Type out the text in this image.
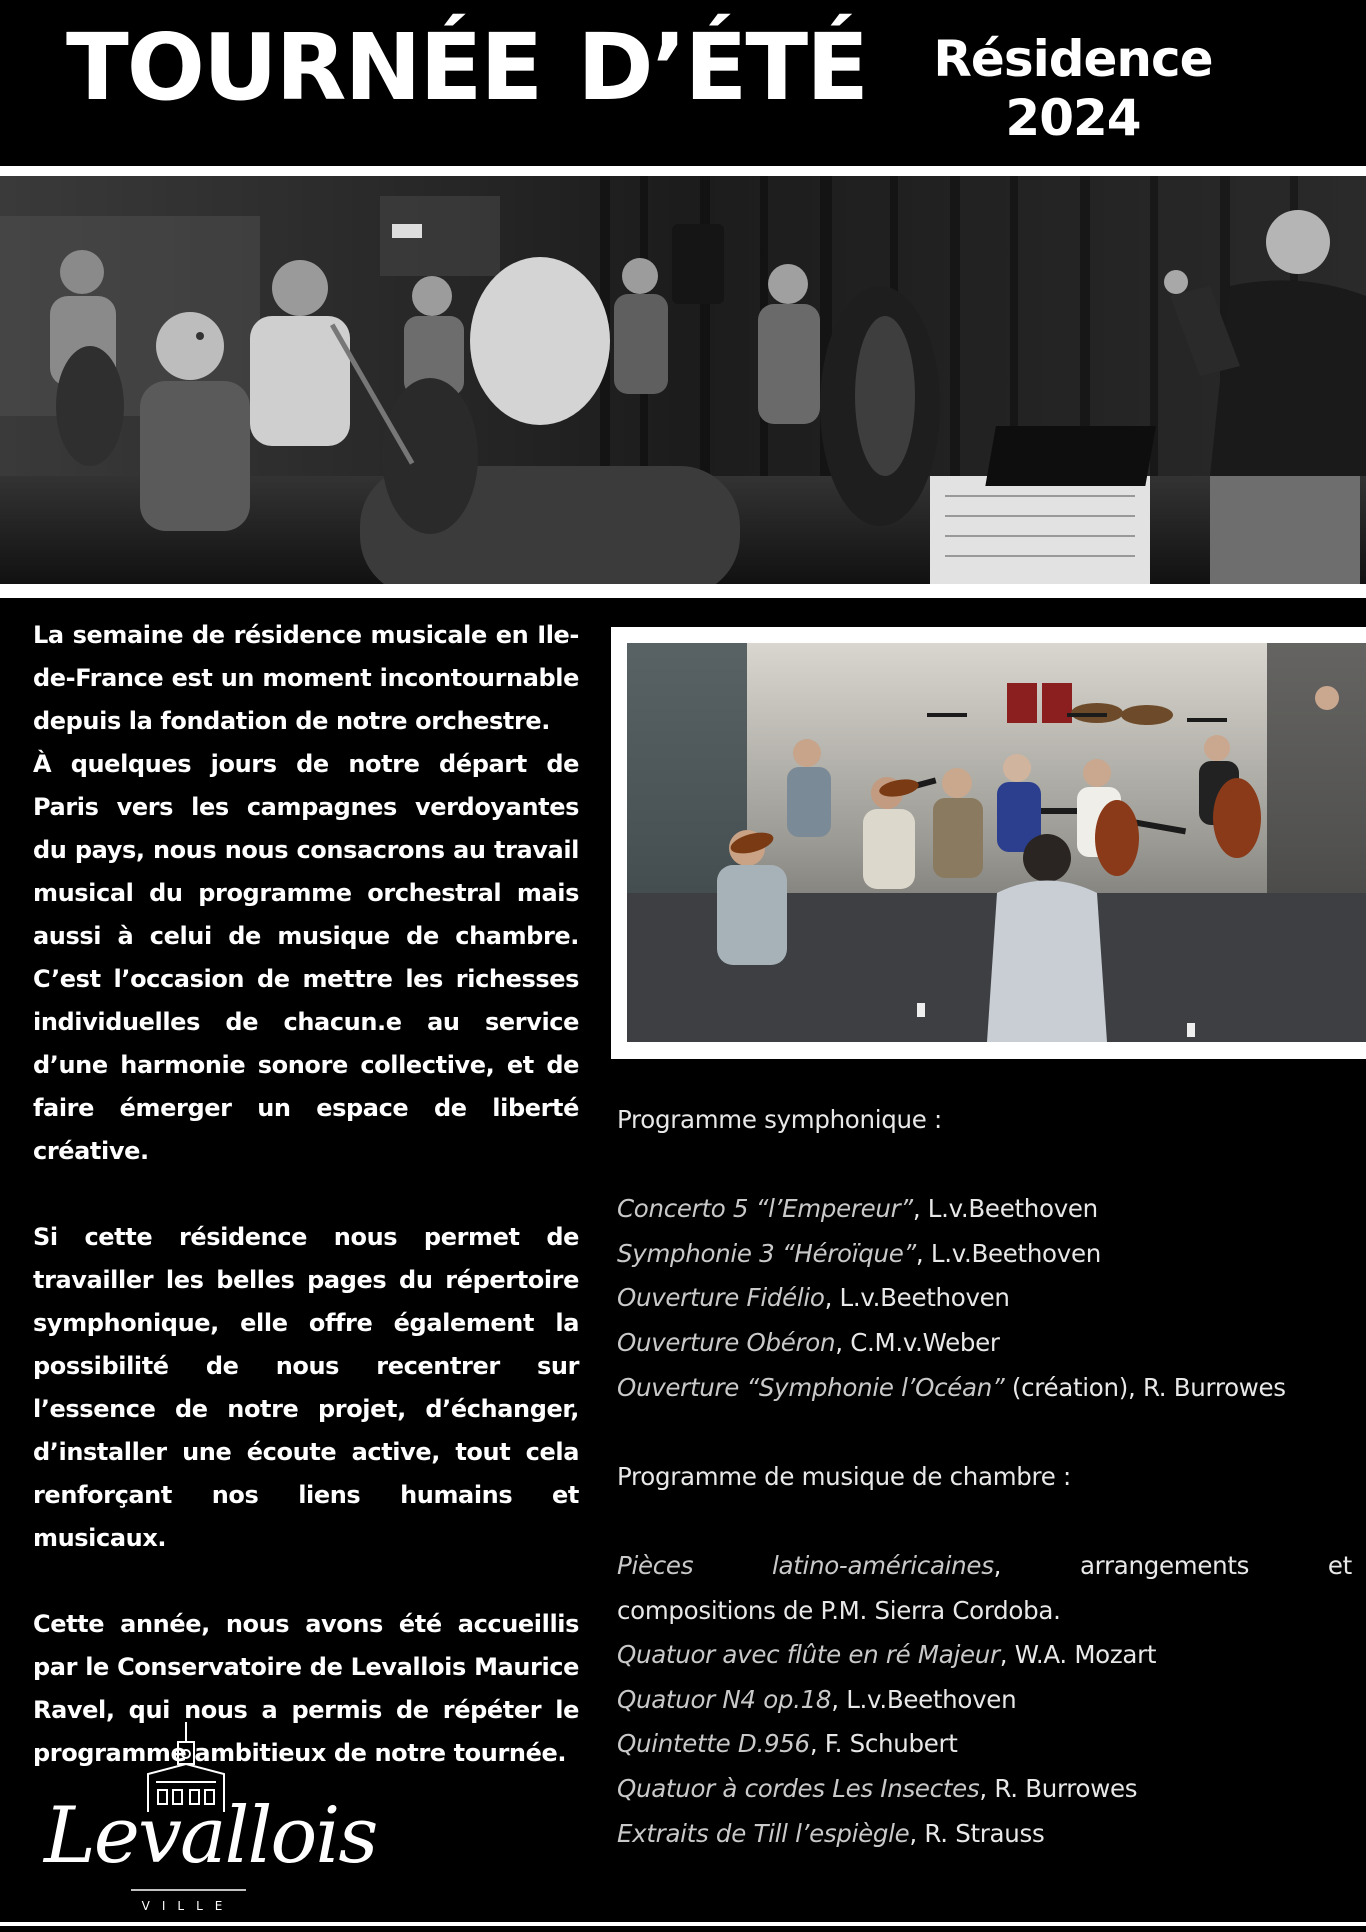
TOURNÉE D’ÉTÉ Résidence
2024

La semaine de résidence musicale en Ile-de-France est un moment incontournable depuis la fondation de notre orchestre.
À quelques jours de notre départ de Paris vers les campagnes verdoyantes du pays, nous nous consacrons au travail musical du programme orchestral mais aussi à celui de musique de chambre. C’est l’occasion de mettre les richesses individuelles de chacun.e au service d’une harmonie sonore collective, et de faire émerger un espace de liberté créative.

Si cette résidence nous permet de travailler les belles pages du répertoire symphonique, elle offre également la possibilité de nous recentrer sur l’essence de notre projet, d’échanger, d’installer une écoute active, tout cela renforçant nos liens humains et musicaux.

Cette année, nous avons été accueillis par le Conservatoire de Levallois Maurice Ravel, qui nous a permis de répéter le programme ambitieux de notre tournée.

Programme symphonique :

Concerto 5 “l’Empereur”, L.v.Beethoven

Symphonie 3 “Héroïque”, L.v.Beethoven

Ouverture Fidélio, L.v.Beethoven

Ouverture Obéron, C.M.v.Weber

Ouverture “Symphonie l’Océan” (création), R. Burrowes

Programme de musique de chambre :

Pièces latino-américaines, arrangements et
compositions de P.M. Sierra Cordoba.

Quatuor avec flûte en ré Majeur, W.A. Mozart

Quatuor N4 op.18, L.v.Beethoven

Quintette D.956, F. Schubert

Quatuor à cordes Les Insectes, R. Burrowes

Extraits de Till l’espiègle, R. Strauss

Levallois
VILLE
